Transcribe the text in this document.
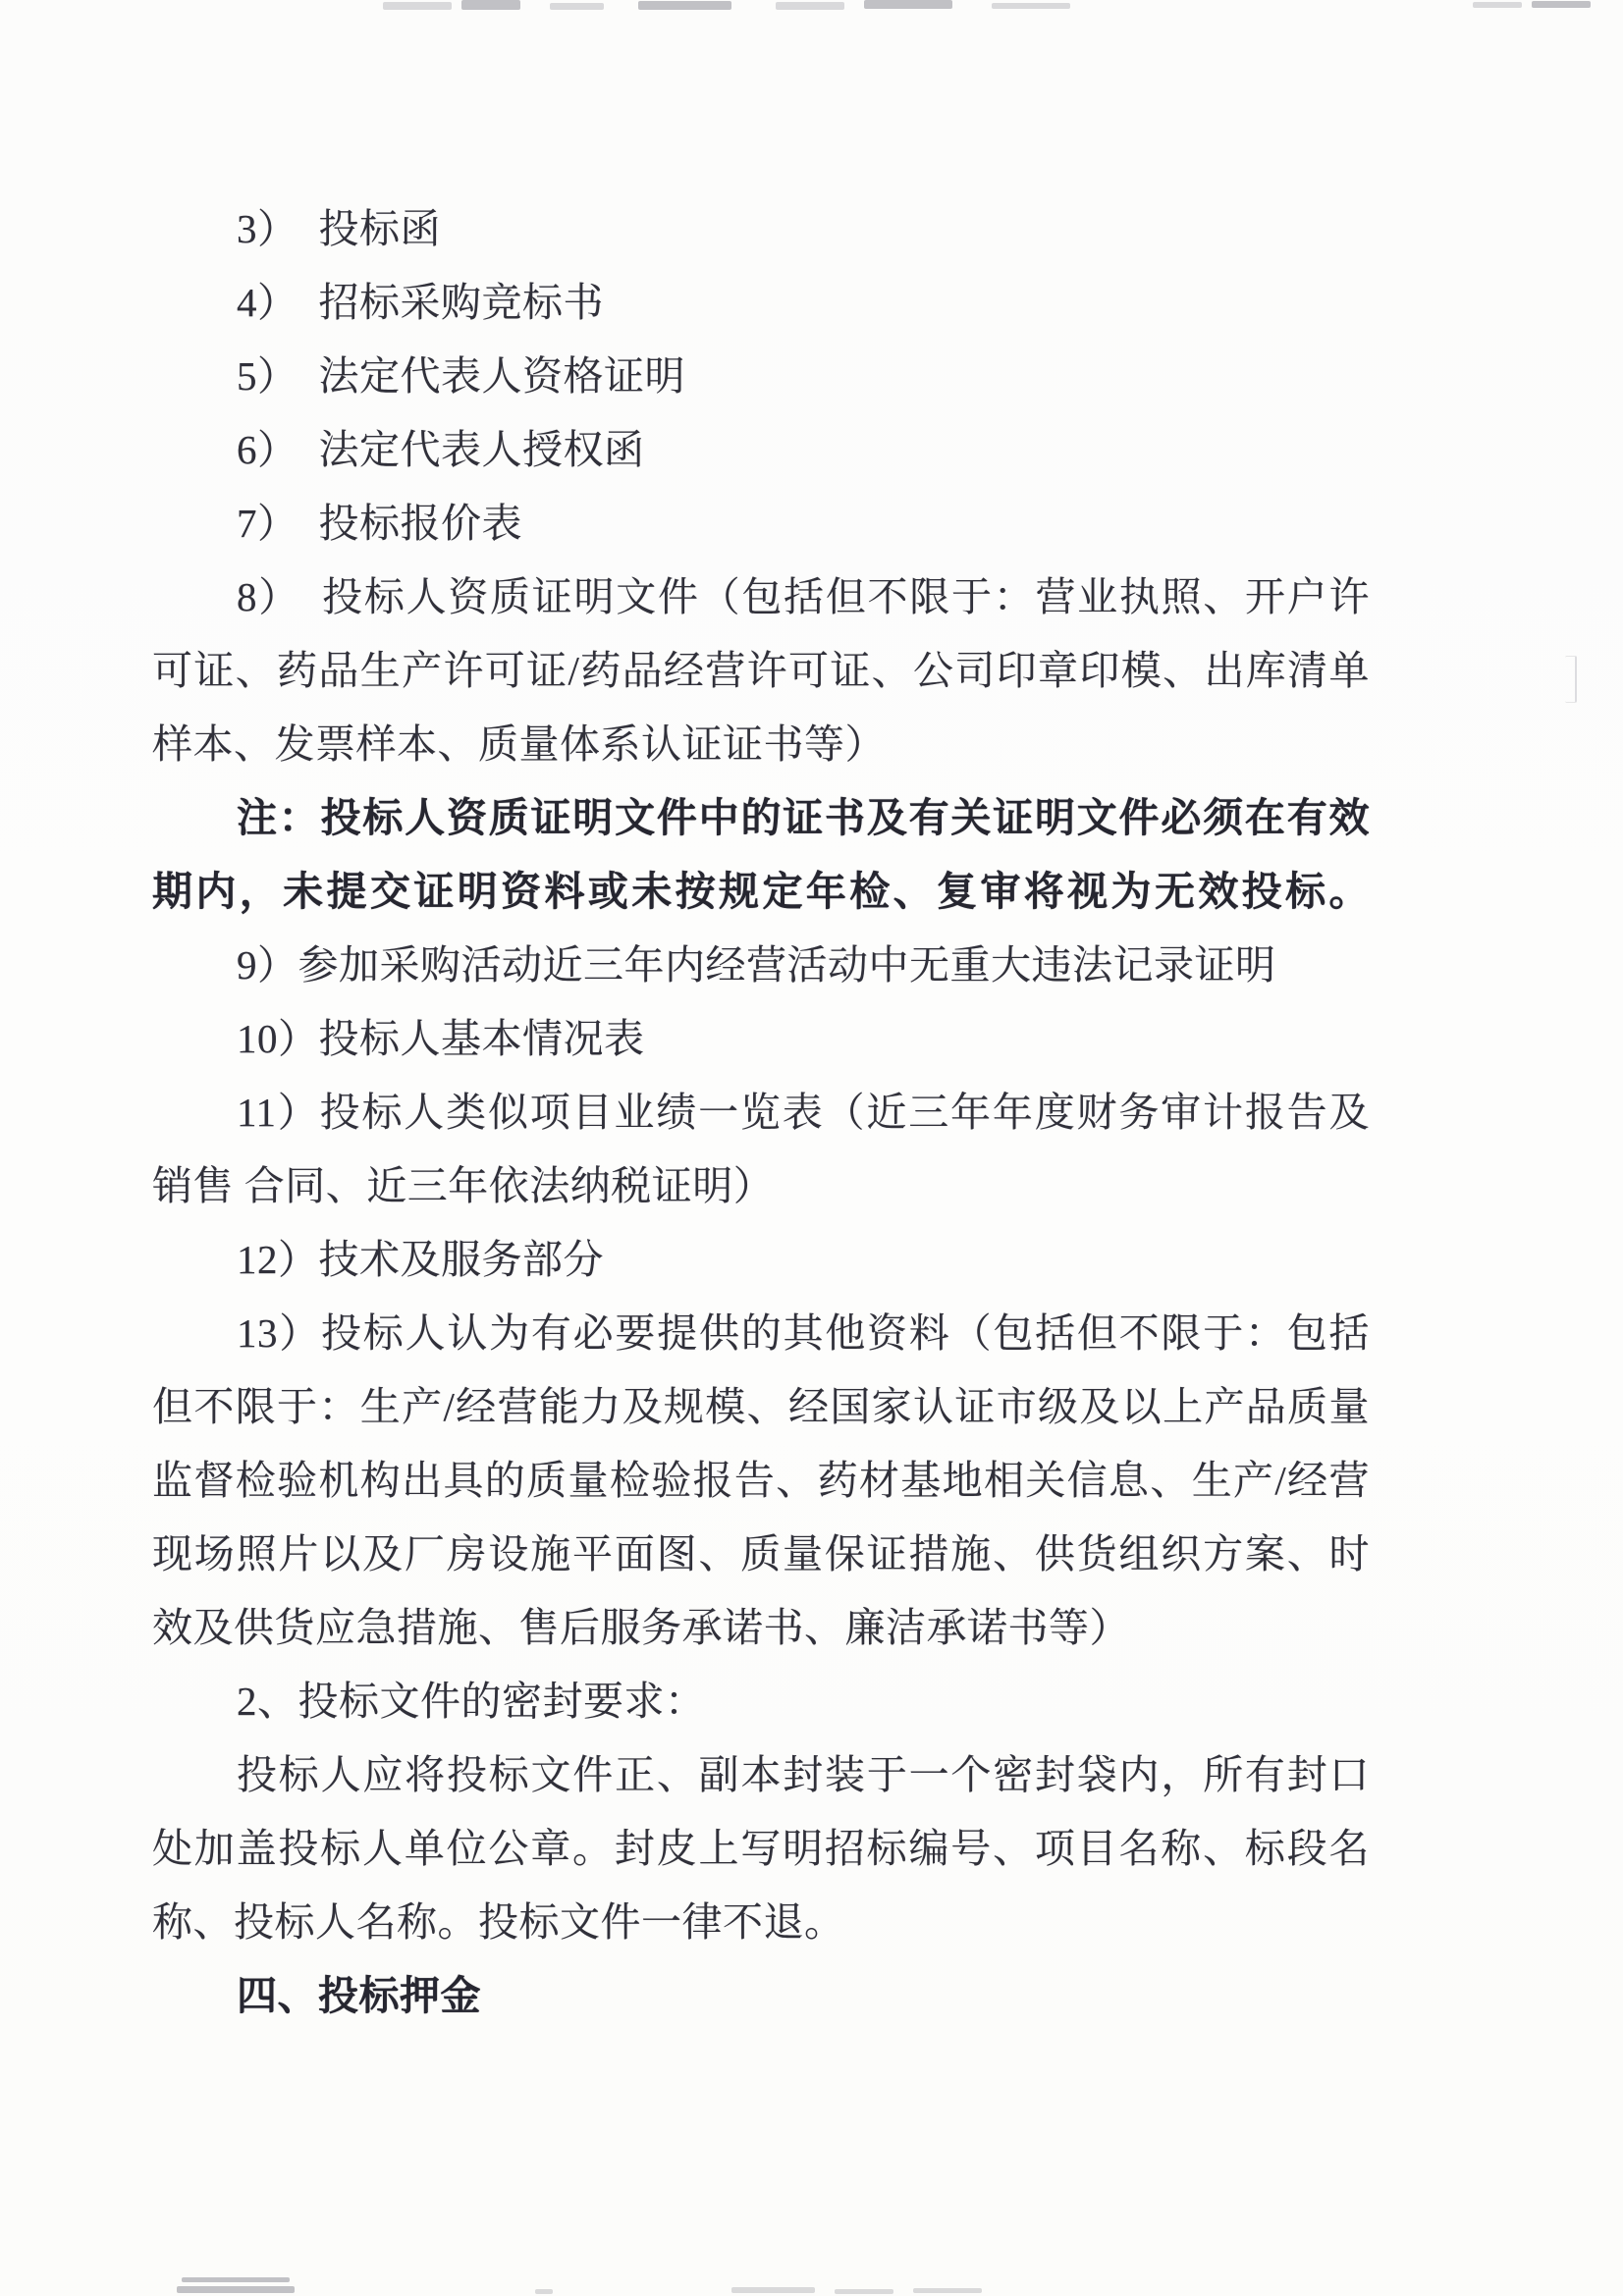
3）　投标函

4）　招标采购竞标书

5）　法定代表人资格证明

6）　法定代表人授权函

7）　投标报价表

8）　投标人资质证明文件（包括但不限于：营业执照、开户许

可证、药品生产许可证/药品经营许可证、公司印章印模、出库清单

样本、发票样本、质量体系认证证书等）

注：投标人资质证明文件中的证书及有关证明文件必须在有效

期内，未提交证明资料或未按规定年检、复审将视为无效投标。

9）参加采购活动近三年内经营活动中无重大违法记录证明

10）投标人基本情况表

11）投标人类似项目业绩一览表（近三年年度财务审计报告及

销售 合同、近三年依法纳税证明）

12）技术及服务部分

13）投标人认为有必要提供的其他资料（包括但不限于：包括

但不限于：生产/经营能力及规模、经国家认证市级及以上产品质量

监督检验机构出具的质量检验报告、药材基地相关信息、生产/经营

现场照片以及厂房设施平面图、质量保证措施、供货组织方案、时

效及供货应急措施、售后服务承诺书、廉洁承诺书等）

2、投标文件的密封要求：

投标人应将投标文件正、副本封装于一个密封袋内，所有封口

处加盖投标人单位公章。封皮上写明招标编号、项目名称、标段名

称、投标人名称。投标文件一律不退。

四、投标押金
